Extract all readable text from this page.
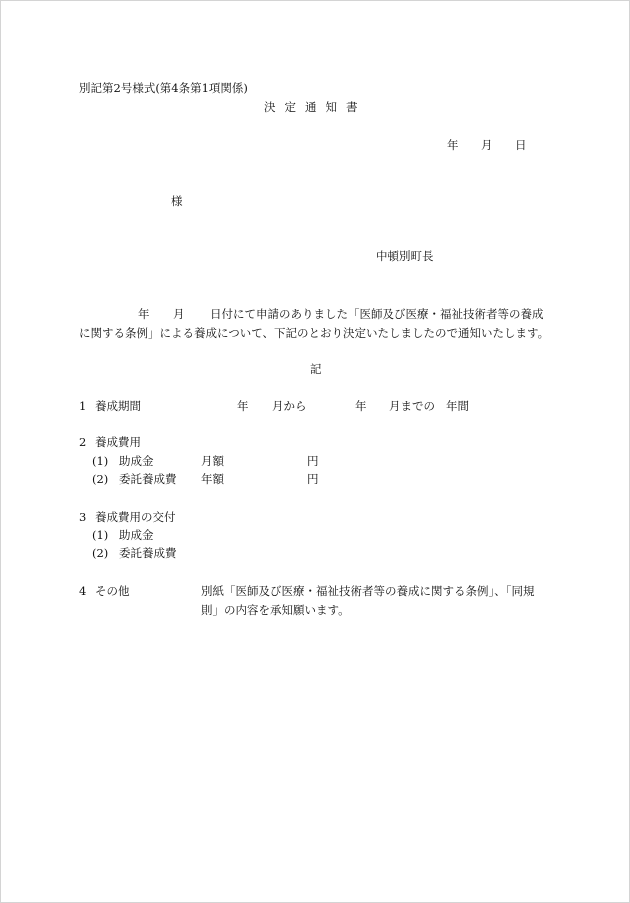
別記第2号様式(第4条第1項関係)
決定通知書
年 月 日
様
中頓別町長
年 月 日付にて申請のありました「医師及び医療・福祉技術者等の養成
に関する条例」による養成について、下記のとおり決定いたしましたので通知いたします。
記
1 養成期間	年 月から	年 月までの 年間
2 養成費用
(1) 助成金	月額	円
(2) 委託養成費 年額	円
3 養成費用の交付
(1) 助成金
(2) 委託養成費
4 その他	別紙「医師及び医療・福祉技術者等の養成に関する条例」、「同規
則」の内容を承知願います。
